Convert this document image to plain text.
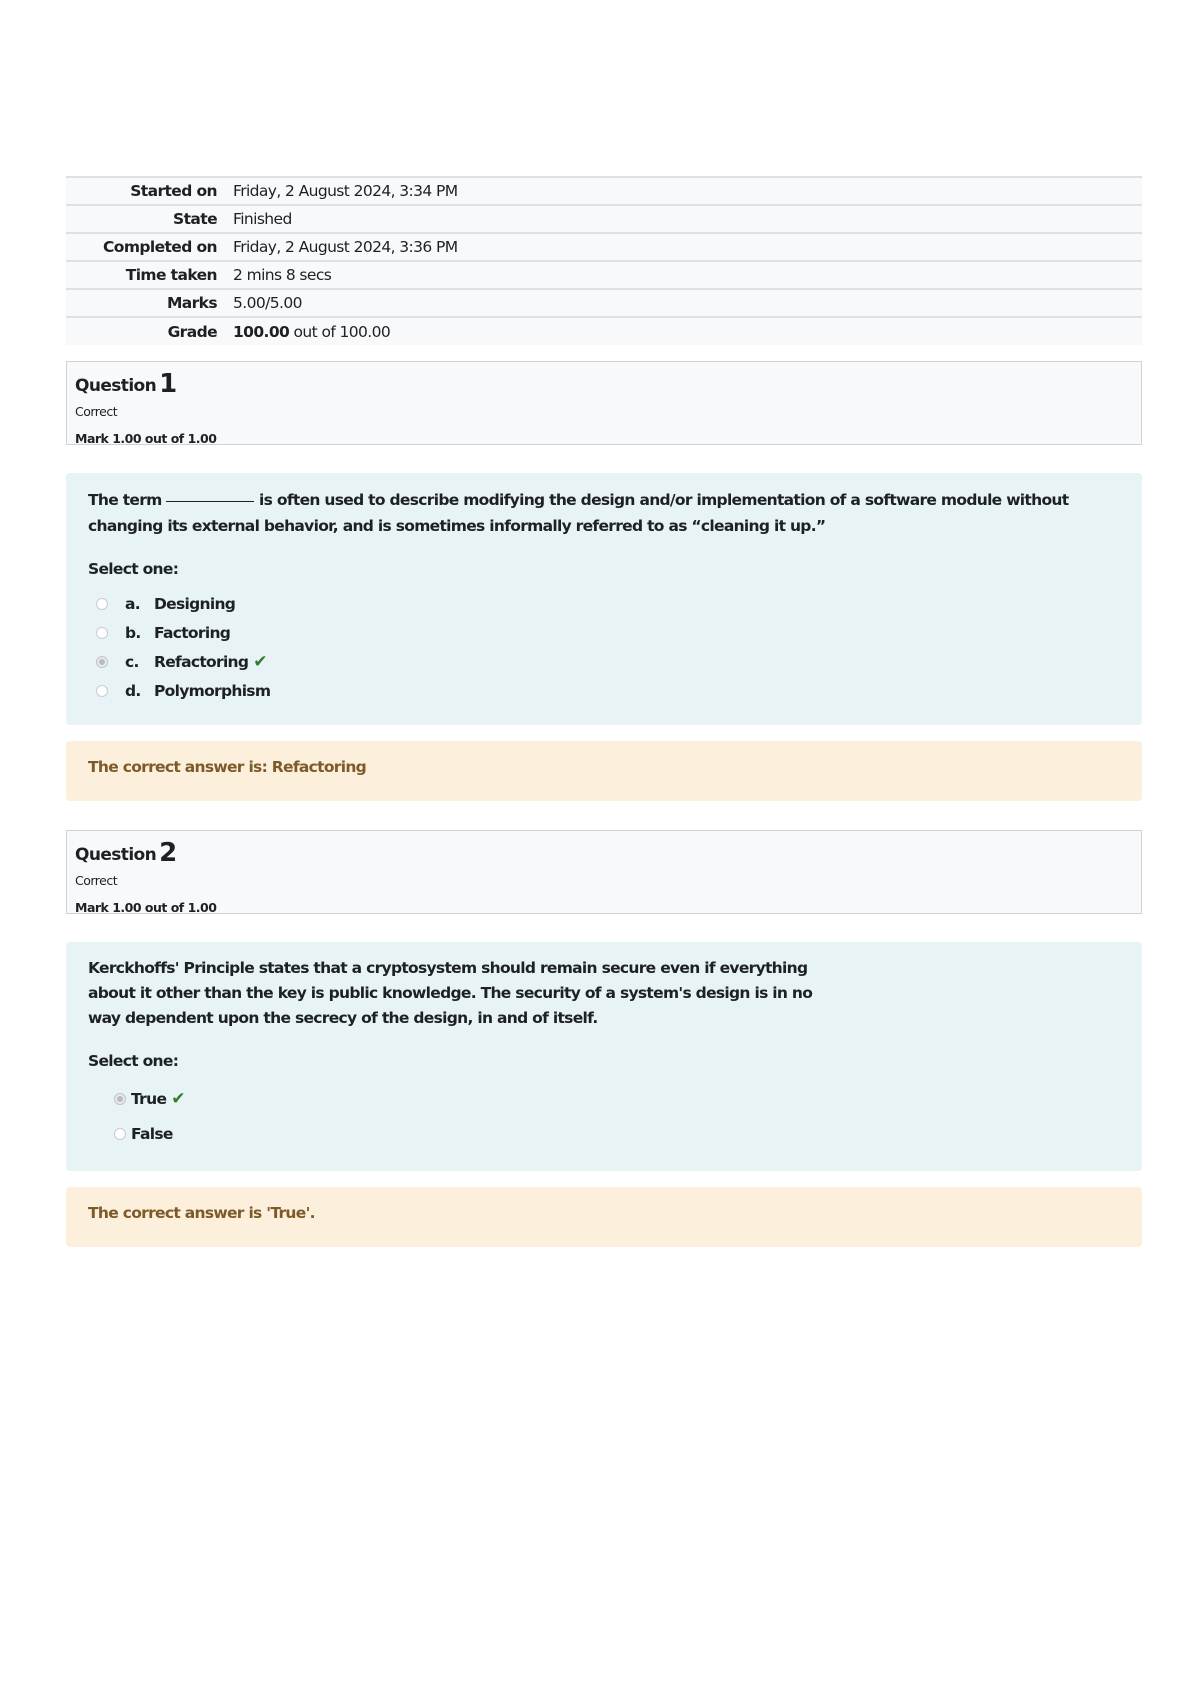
Started on	Friday, 2 August 2024, 3:34 PM
State	Finished
Completed on	Friday, 2 August 2024, 3:36 PM
Time taken	2 mins 8 secs
Marks	5.00/5.00
Grade	100.00 out of 100.00
Question 1
Correct
Mark 1.00 out of 1.00
The term	is often used to describe modifying the design and/or implementation of a software module without changing its external behavior, and is sometimes informally referred to as “cleaning it up.”
Select one:
a. Designing
b. Factoring
c. Refactoring ✔
d. Polymorphism
The correct answer is: Refactoring
Question 2
Correct
Mark 1.00 out of 1.00
Kerckhoffs' Principle states that a cryptosystem should remain secure even if everything about it other than the key is public knowledge. The security of a system's design is in no way dependent upon the secrecy of the design, in and of itself.
Select one:
True ✔
False
The correct answer is 'True'.
